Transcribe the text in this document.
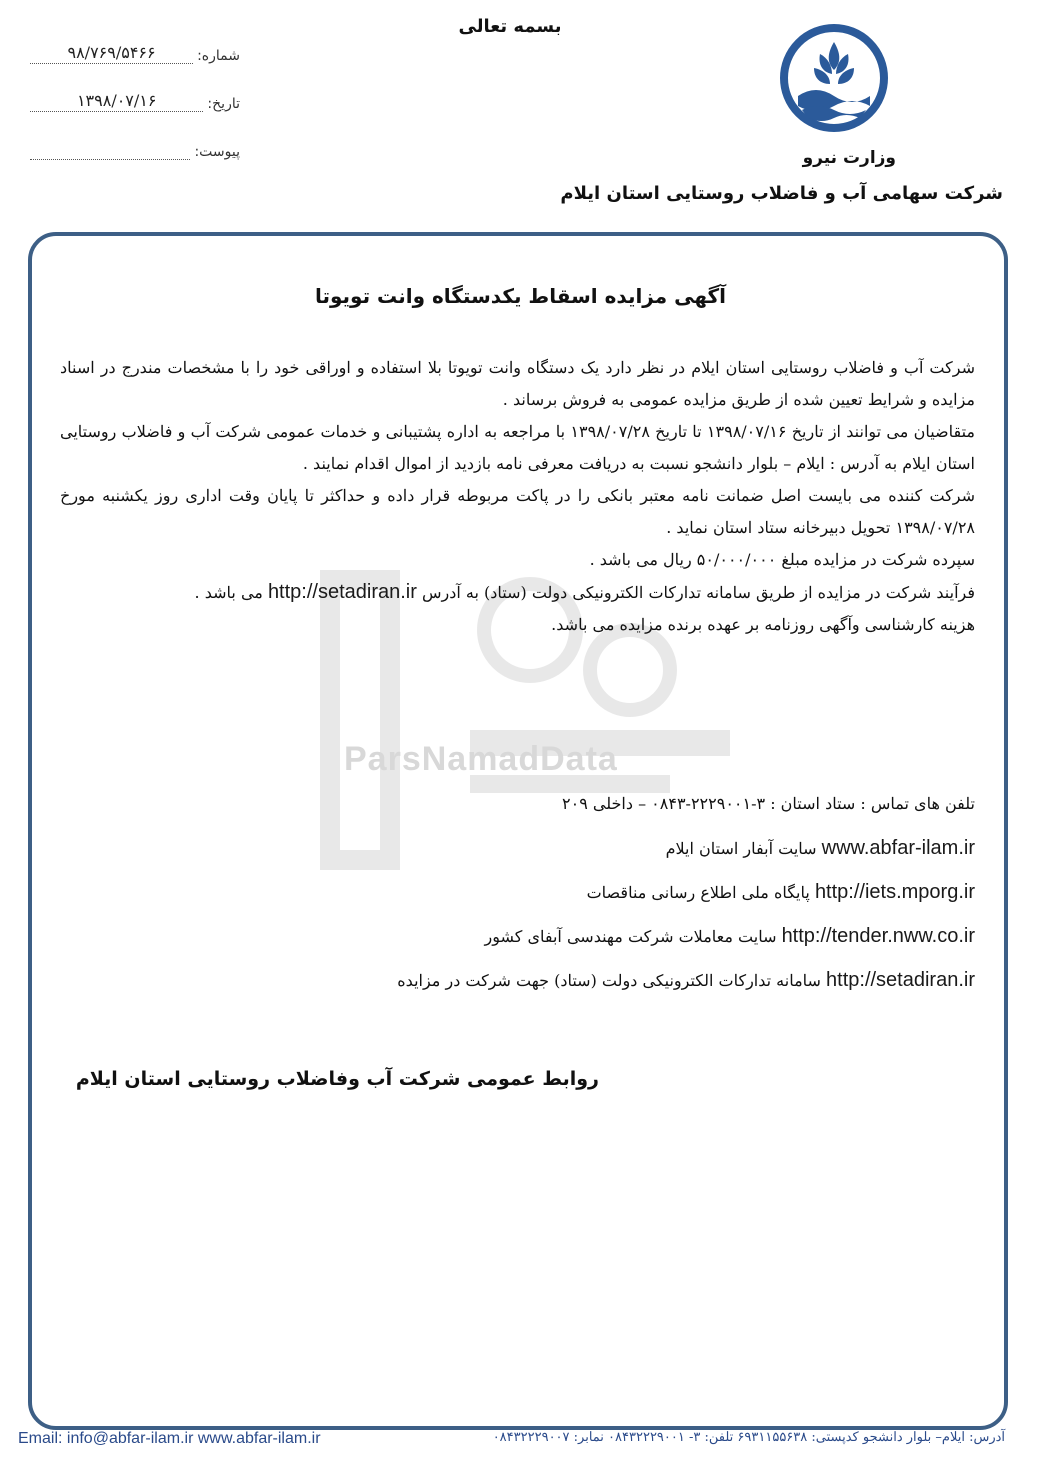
بسمه تعالی
وزارت نیرو
شرکت سهامی آب و فاضلاب روستایی استان ایلام
شماره:
۹۸/۷۶۹/۵۴۶۶
تاریخ:
۱۳۹۸/۰۷/۱۶
پیوست:
ParsNamadData
آگهی مزایده اسقاط یکدستگاه وانت تویوتا

شرکت آب و فاضلاب روستایی استان ایلام در نظر دارد یک دستگاه وانت تویوتا بلا استفاده و اوراقی خود را با مشخصات مندرج در اسناد مزایده و شرایط تعیین شده از طریق مزایده عمومی به فروش برساند .

متقاضیان می توانند از تاریخ ۱۳۹۸/۰۷/۱۶ تا تاریخ ۱۳۹۸/۰۷/۲۸ با مراجعه به اداره پشتیبانی و خدمات عمومی شرکت آب و فاضلاب روستایی استان ایلام به آدرس : ایلام – بلوار دانشجو نسبت به دریافت معرفی نامه بازدید از اموال اقدام نمایند .

شرکت کننده می بایست اصل ضمانت نامه معتبر بانکی را در پاکت مربوطه قرار داده و حداکثر تا پایان وقت اداری روز یکشنبه مورخ ۱۳۹۸/۰۷/۲۸ تحویل دبیرخانه ستاد استان نماید .

سپرده شرکت در مزایده مبلغ ۵۰/۰۰۰/۰۰۰ ریال می باشد .

فرآیند شرکت در مزایده از طریق سامانه تدارکات الکترونیکی دولت (ستاد) به آدرس http://setadiran.ir می باشد .

هزینه کارشناسی وآگهی روزنامه بر عهده برنده مزایده می باشد.

تلفن های تماس : ستاد استان : ۳-۲۲۲۹۰۰۱-۰۸۴۳ – داخلی ۲۰۹
www.abfar-ilam.ir سایت آبفار استان ایلام
http://iets.mporg.ir پایگاه ملی اطلاع رسانی مناقصات
http://tender.nww.co.ir سایت معاملات شرکت مهندسی آبفای کشور
http://setadiran.ir سامانه تدارکات الکترونیکی دولت (ستاد) جهت شرکت در مزایده
روابط عمومی شرکت آب وفاضلاب روستایی استان ایلام
Email: info@abfar-ilam.ir www.abfar-ilam.ir	آدرس: ایلام– بلوار دانشجو کدپستی: ۶۹۳۱۱۵۵۶۳۸ تلفن: ۳- ۰۸۴۳۲۲۲۹۰۰۱ نمابر: ۰۸۴۳۲۲۲۹۰۰۷
